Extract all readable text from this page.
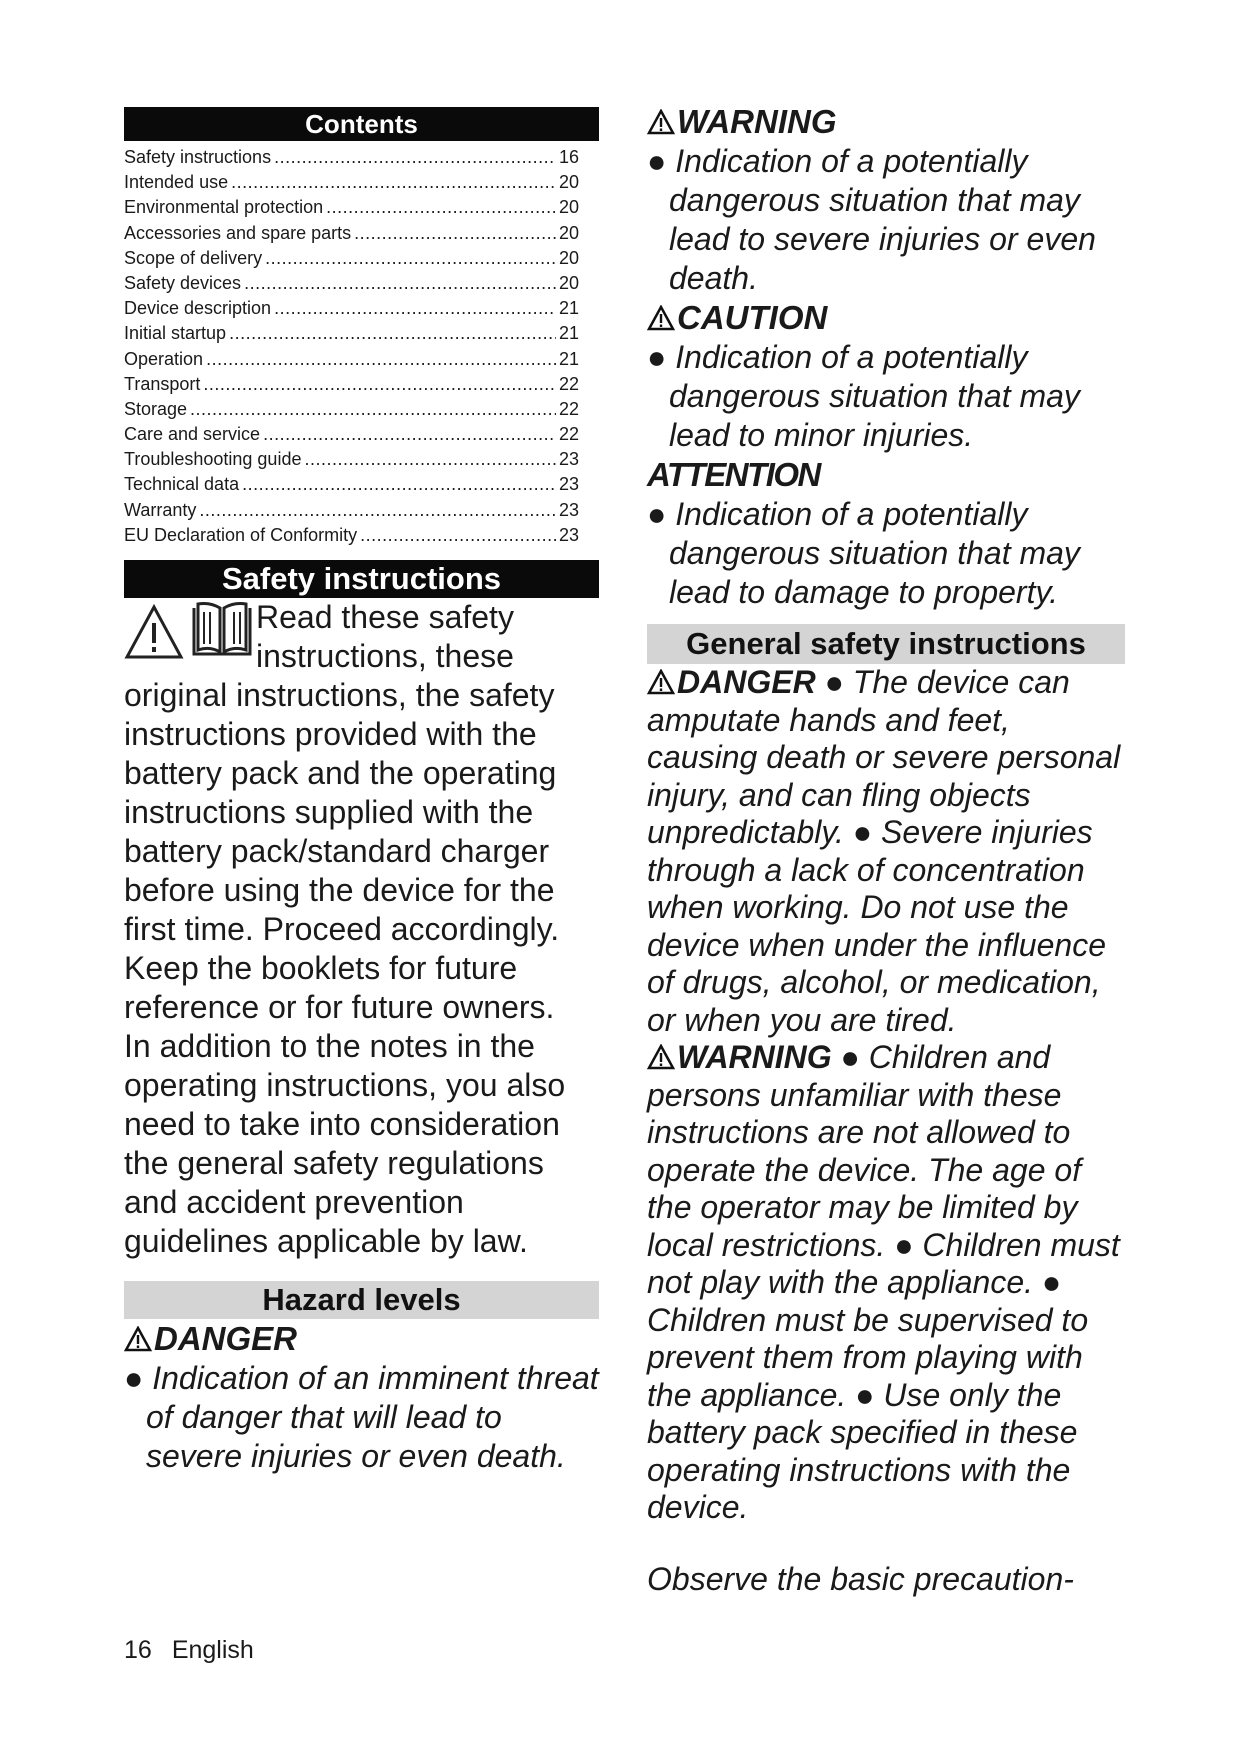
Contents
Safety instructions .....	16
Intended use .....	20
Environmental protection .....	20
Accessories and spare parts .....	20
Scope of delivery .....	20
Safety devices .....	20
Device description .....	21
Initial startup .....	21
Operation .....	21
Transport .....	22
Storage .....	22
Care and service .....	22
Troubleshooting guide .....	23
Technical data .....	23
Warranty .....	23
EU Declaration of Conformity .....	23
Safety instructions
Read these safety instructions, these original instructions, the safety instructions provided with the battery pack and the operating instructions supplied with the battery pack/standard charger before using the device for the first time. Proceed accordingly. Keep the booklets for future reference or for future owners.
In addition to the notes in the operating instructions, you also need to take into consideration the general safety regulations and accident prevention guidelines applicable by law.
Hazard levels
DANGER
● Indication of an imminent threat of danger that will lead to severe injuries or even death.
WARNING
● Indication of a potentially dangerous situation that may lead to severe injuries or even death.
CAUTION
● Indication of a potentially dangerous situation that may lead to minor injuries.
ATTENTION
● Indication of a potentially dangerous situation that may lead to damage to property.
General safety instructions
DANGER ● The device can amputate hands and feet, causing death or severe personal injury, and can fling objects unpredictably. ● Severe injuries through a lack of concentration when working. Do not use the device when under the influence of drugs, alcohol, or medication, or when you are tired.
WARNING ● Children and persons unfamiliar with these instructions are not allowed to operate the device. The age of the operator may be limited by local restrictions. ● Children must not play with the appliance. ● Children must be supervised to prevent them from playing with the appliance. ● Use only the battery pack specified in these operating instructions with the device.
Observe the basic precaution-
16 English
